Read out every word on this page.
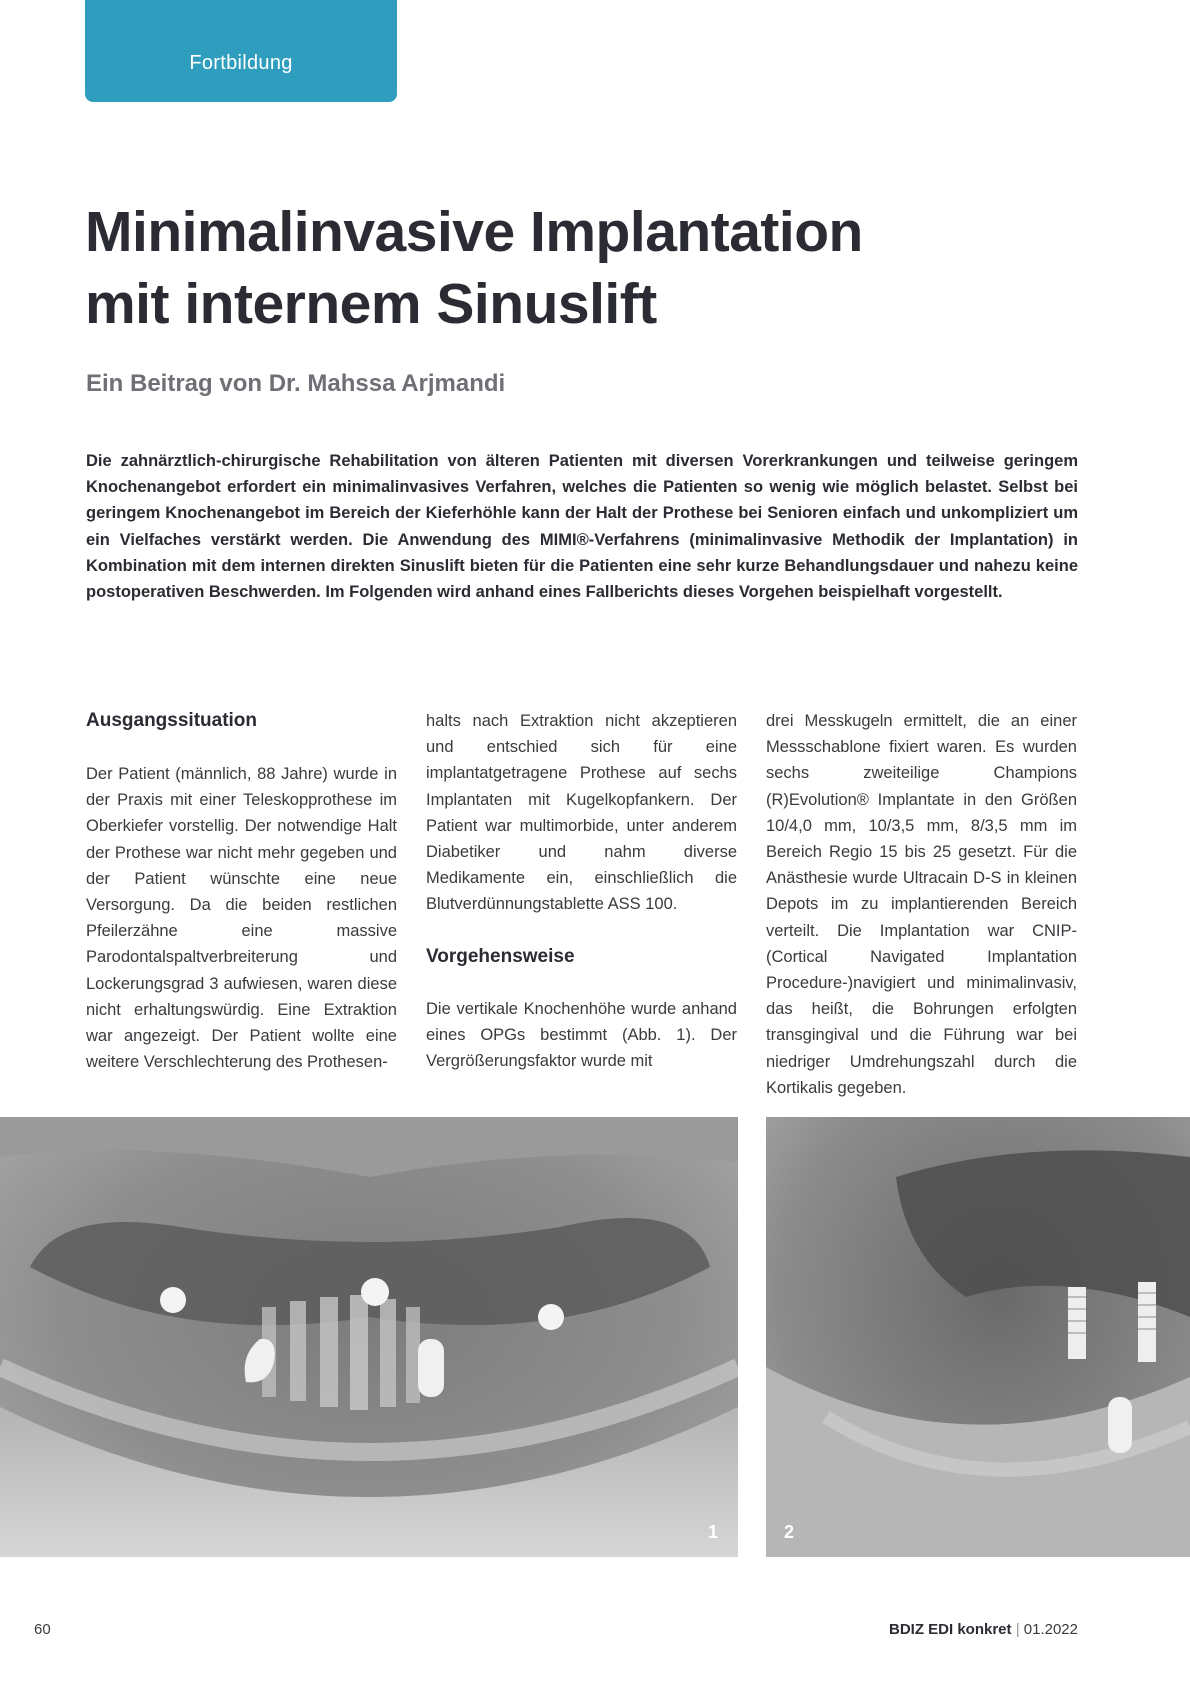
Fortbildung
Minimalinvasive Implantation
mit internem Sinuslift

Ein Beitrag von Dr. Mahssa Arjmandi

Die zahnärztlich-chirurgische Rehabilitation von älteren Patienten mit diversen Vorerkrankungen und teilweise geringem Knochenangebot erfordert ein minimalinvasives Verfahren, welches die Patienten so wenig wie möglich belastet. Selbst bei geringem Knochenangebot im Bereich der Kieferhöhle kann der Halt der Prothese bei Senioren einfach und unkompliziert um ein Vielfaches verstärkt werden. Die Anwendung des MIMI®-Verfahrens (minimalinvasive Methodik der Implantation) in Kombination mit dem internen direkten Sinuslift bieten für die Patienten eine sehr kurze Behandlungsdauer und nahezu keine postoperativen Beschwerden. Im Folgenden wird anhand eines Fallberichts dieses Vorgehen beispielhaft vorgestellt.

Ausgangssituation

Der Patient (männlich, 88 Jahre) wurde in der Praxis mit einer Teleskopprothese im Oberkiefer vorstellig. Der notwendige Halt der Prothese war nicht mehr gegeben und der Patient wünschte eine neue Versorgung. Da die beiden restlichen Pfeilerzähne eine massive Parodontalspaltverbreiterung und Lockerungsgrad 3 aufwiesen, waren diese nicht erhaltungswürdig. Eine Extraktion war angezeigt. Der Patient wollte eine weitere Verschlechterung des Prothesen-

halts nach Extraktion nicht akzeptieren und entschied sich für eine implantatgetragene Prothese auf sechs Implantaten mit Kugelkopfankern. Der Patient war multimorbide, unter anderem Diabetiker und nahm diverse Medikamente ein, einschließlich die Blutverdünnungstablette ASS 100.

Vorgehensweise

Die vertikale Knochenhöhe wurde anhand eines OPGs bestimmt (Abb. 1). Der Vergrößerungsfaktor wurde mit

drei Messkugeln ermittelt, die an einer Messschablone fixiert waren. Es wurden sechs zweiteilige Champions (R)Evolution® Implantate in den Größen 10/4,0 mm, 10/3,5 mm, 8/3,5 mm im Bereich Regio 15 bis 25 gesetzt. Für die Anästhesie wurde Ultracain D-S in kleinen Depots im zu implantierenden Bereich verteilt. Die Implantation war CNIP-(Cortical Navigated Implantation Procedure-)navigiert und minimalinvasiv, das heißt, die Bohrungen erfolgten transgingival und die Führung war bei niedriger Umdrehungszahl durch die Kortikalis gegeben.

1	2
60	BDIZ EDI konkret | 01.2022
